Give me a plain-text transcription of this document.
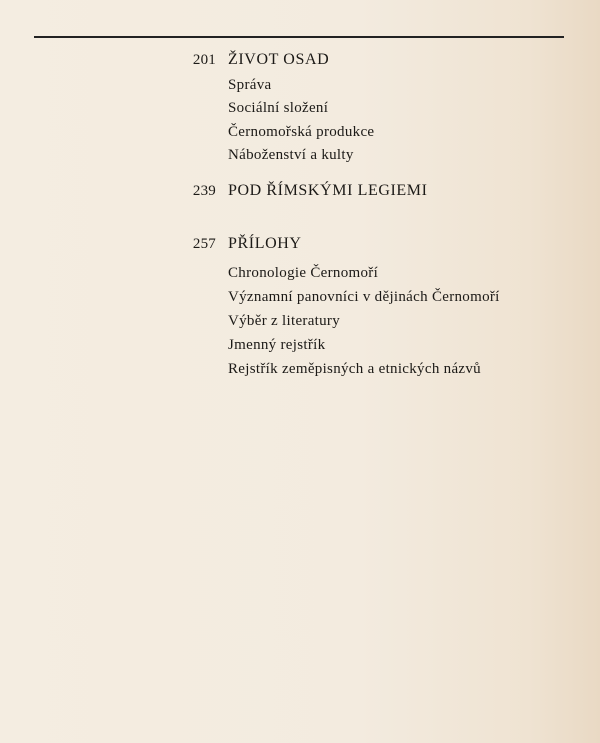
201 ŽIVOT OSAD
Správa
Sociální složení
Černomořská produkce
Náboženství a kulty
239 POD ŘÍMSKÝMI LEGIEMI
257 PŘÍLOHY
Chronologie Černomoří
Významní panovníci v dějinách Černomoří
Výběr z literatury
Jmenný rejstřík
Rejstřík zeměpisných a etnických názvů
